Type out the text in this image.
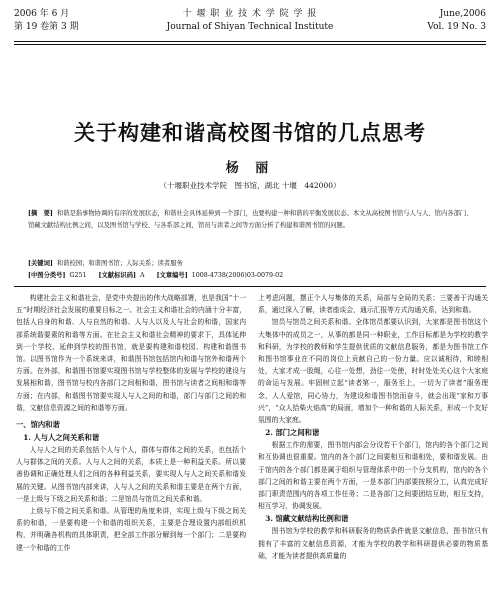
2006 年 6 月
第 19 卷第 3 期
十 堰 职 业 技 术 学 院 学 报
Journal of Shiyan Technical Institute
June,2006
Vol. 19 No. 3
关于构建和谐高校图书馆的几点思考
杨 丽
（十堰职业技术学院　图书馆，湖北 十堰　442000）
[摘　要] 和谐是指事物协调的有序的发展状态，和谐社会具体延伸到一个部门，也要构建一种和谐的平衡发展状态。本文从高校图书馆与人与人、馆内各部门、馆藏文献结构比例之间，以及图书馆与学校、与各系部之间，馆员与读者之间等方面分析了构建和谐图书馆的问题。
[关键词] 和谐校园；和谐图书馆；人际关系；读者服务
[中图分类号] G251 [文献标识码] A [文章编号] 1008-4738(2006)03-0079-02

构建社会主义和谐社会，是党中央提出的伟大战略部署，也是我国“十一五”时期经济社会发展的重要目标之一。社会主义和谐社会的内涵十分丰富，包括人自身的和谐、人与自然的和谐、人与人以及人与社会的和谐，国家内部系统谐要素的和谐等方面。在社会主义和谐社会精神的要求下，具体延伸到一个学校、延伸到学校的图书馆，就是要构建和谐校园、构建和谐图书馆。以图书馆作为一个系统来讲，和谐图书馆包括馆内和谐与馆外和谐两个方面。在外部，和谐图书馆要实现图书馆与学校整体的发展与学校的建设与发展相和谐，图书馆与校内各部门之间相和谐，图书馆与读者之间相和谐等方面；在内部，和谐图书馆要实现人与人之间的和谐，部门与部门之间的和谐，文献信息资源之间的和谐等方面。

一、馆内和谐
1. 人与人之间关系和谐

人与人之间的关系包括个人与个人，群体与群体之间的关系，也包括个人与群体之间的关系。人与人之间的关系，本质上是一种利益关系。所以要善协调和正确处理人们之间的各种利益关系，要实现人与人之间关系和谐发展的关键。从图书馆内部来讲，人与人之间的关系和谐主要是在两个方面，一是上级与下级之间关系和谐；二是馆员与馆员之间关系和谐。

上级与下级之间关系和谐。从管理的角度来讲，实现上级与下级之间关系的和谐，一是要构建一个和谐的组织关系，主要是合理设置内部组织机构，并明确各机构的具体职责，把全部工作部分解到每一个部门；二是要构建一个和谐的工作

上考虑问题，摆正个人与集体的关系，局部与全局的关系；三要善于沟通关系，通过深入了解，读者座谈会，通示汇报等方式沟通关系，达到和谐。

馆员与馆员之间关系和谐。全体馆员都要认识到，大家都是图书馆这个大集体中的成员之一，从事的都是同一种职业，工作目标都是为学校的教学和科研，为学校的教师和学生提供优质的文献信息服务，都是为图书馆工作和图书馆事业在不同的岗位上贡献自己的一份力量。应以诚相待，和睦相处，大家才成一股绳，心往一处想，劲往一处使，时时处处关心这个大家庭的命运与发展。牢固树立起“读者第一，服务至上，一切为了读者”服务理念，人人爱馆，同心协力，为建设和谐图书馆而奋斗，就会出现“家和万事兴”，“众人拾柴火焰高”的局面，增加个一种和谐的人际关系，形成一个友好氛围的大家庭。

2. 部门之间和谐

根据工作的需要，图书馆内部会分设若干个部门，馆内的各个部门之间和互协调也很重要。馆内的各个部门之间要相互和谐相处，要和谐发展。由于馆内的各个部门都是属于组织与管理体系中的一个分支机构，馆内的各个部门之间的和谐主要在两个方面，一是本部门内部要按照分工，认真完成好部门职责范围内的各项工作任务；二是各部门之间要团结互助，相互支持，相互学习，协调发展。

3. 馆藏文献结构比例和谐

图书馆为学校的教学和科研服务的物质条件就是文献信息，图书馆只有拥有了丰富的文献信息资源，才能为学校的教学和科研提供必要的物质基础，才能为读者提供高质量的
